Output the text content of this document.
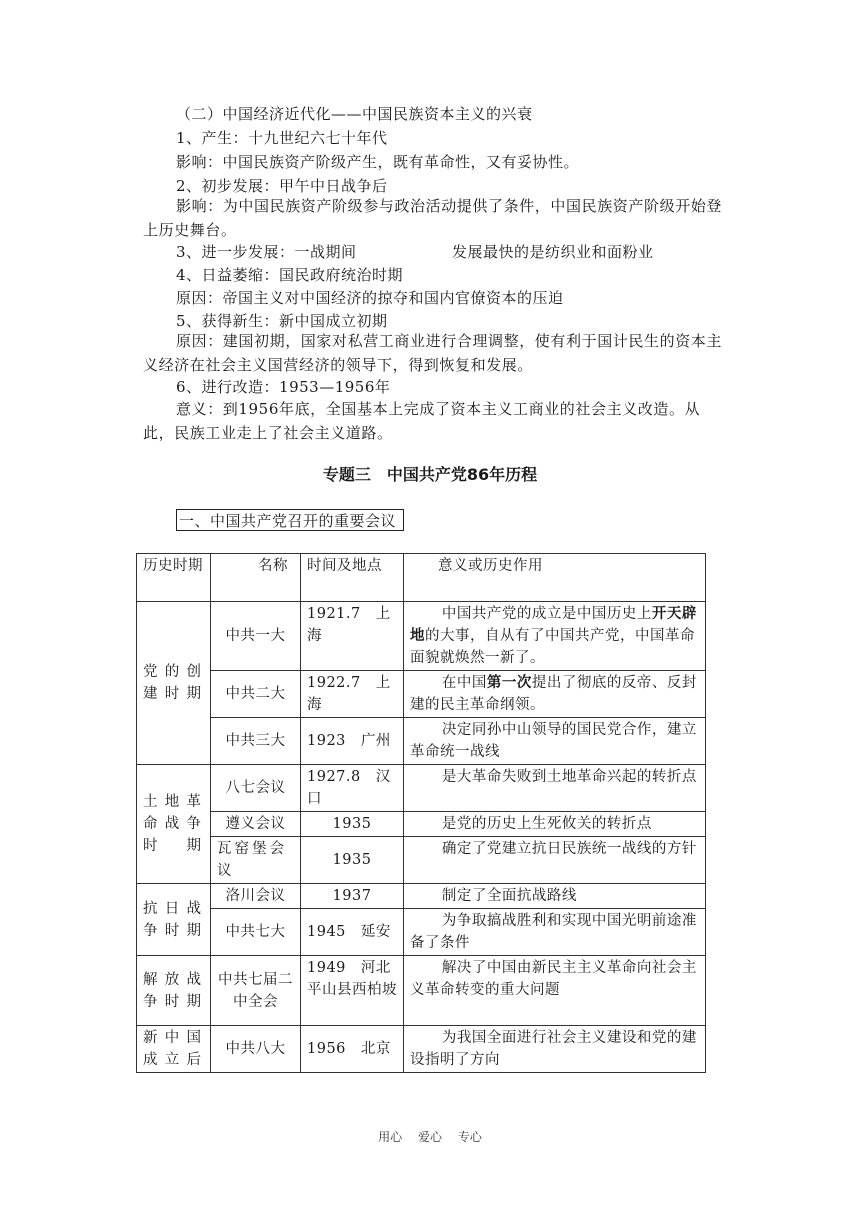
（二）中国经济近代化——中国民族资本主义的兴衰
1、产生：十九世纪六七十年代
影响：中国民族资产阶级产生，既有革命性，又有妥协性。
2、初步发展：甲午中日战争后
影响：为中国民族资产阶级参与政治活动提供了条件，中国民族资产阶级开始登上历史舞台。
3、进一步发展：一战期间	发展最快的是纺织业和面粉业
4、日益萎缩：国民政府统治时期
原因：帝国主义对中国经济的掠夺和国内官僚资本的压迫
5、获得新生：新中国成立初期
原因：建国初期，国家对私营工商业进行合理调整，使有利于国计民生的资本主义经济在社会主义国营经济的领导下，得到恢复和发展。
6、进行改造：1953—1956年
意义：到1956年底，全国基本上完成了资本主义工商业的社会主义改造。从此，民族工业走上了社会主义道路。
专题三　中国共产党86年历程
一、中国共产党召开的重要会议
历史时期	名称	时间及地点	意义或历史作用
党的创建时期	中共一大	1921.7　上海	中国共产党的成立是中国历史上开天辟地的大事，自从有了中国共产党，中国革命面貌就焕然一新了。
	中共二大	1922.7　上海	在中国第一次提出了彻底的反帝、反封建的民主革命纲领。
	中共三大	1923　广州	决定同孙中山领导的国民党合作，建立革命统一战线
土地革命战争时期	八七会议	1927.8　汉口	是大革命失败到土地革命兴起的转折点
	遵义会议	1935	是党的历史上生死攸关的转折点
	瓦窑堡会议	1935	确定了党建立抗日民族统一战线的方针
抗日战争时期	洛川会议	1937	制定了全面抗战路线
	中共七大	1945　延安	为争取搞战胜利和实现中国光明前途准备了条件
解放战争时期	中共七届二中全会	1949　河北平山县西柏坡	解决了中国由新民主主义革命向社会主义革命转变的重大问题
新中国成立后	中共八大	1956　北京	为我国全面进行社会主义建设和党的建设指明了方向
用心 爱心 专心
